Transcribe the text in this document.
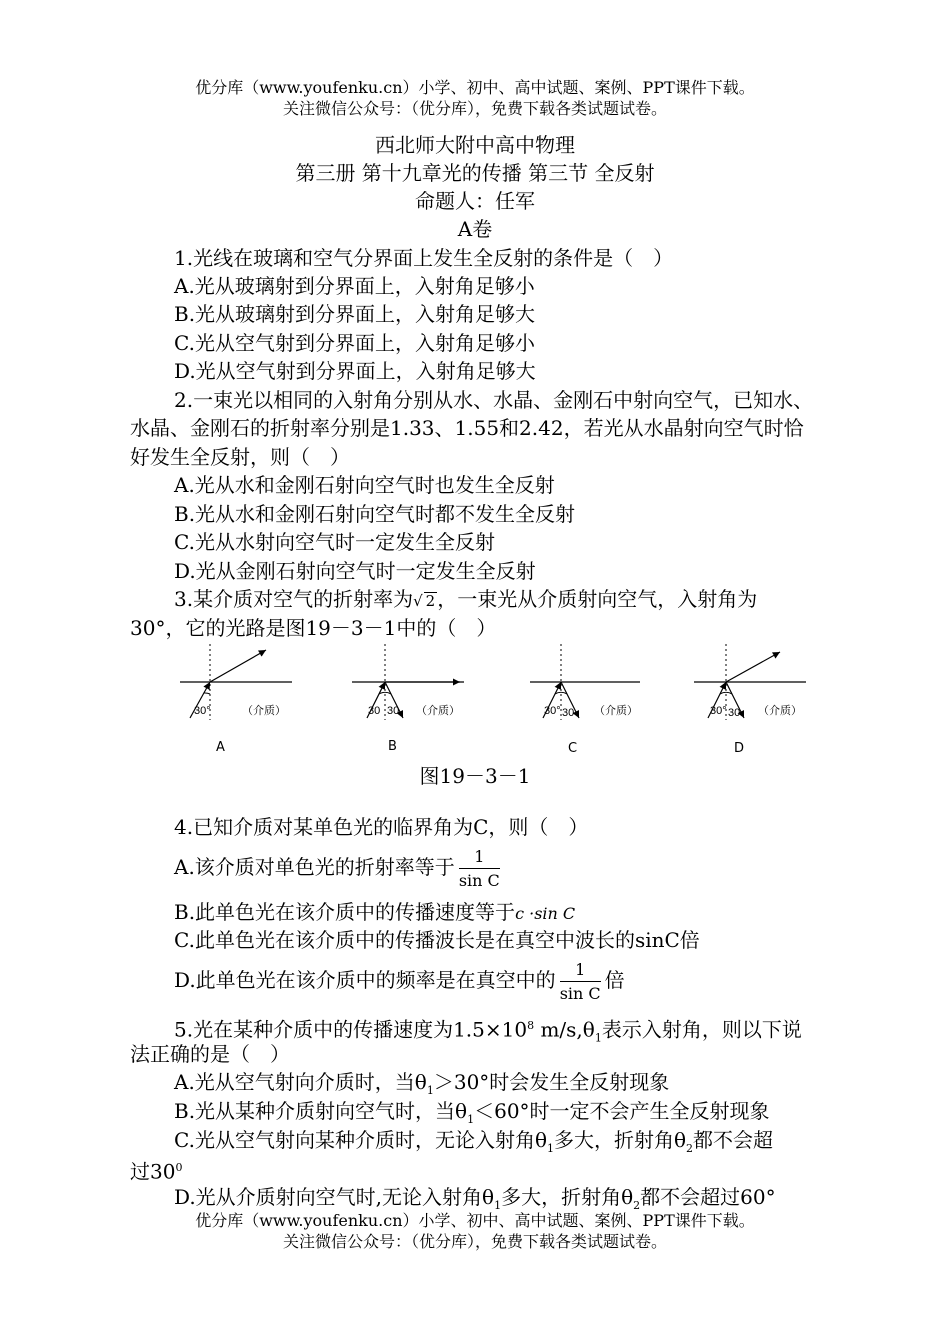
优分库（www.youfenku.cn）小学、初中、高中试题、案例、PPT课件下载。
关注微信公众号：（优分库），免费下载各类试题试卷。
西北师大附中高中物理
第三册 第十九章光的传播 第三节 全反射
命题人：任军
A卷
1.光线在玻璃和空气分界面上发生全反射的条件是（　）
A.光从玻璃射到分界面上，入射角足够小
B.光从玻璃射到分界面上，入射角足够大
C.光从空气射到分界面上，入射角足够小
D.光从空气射到分界面上，入射角足够大
2.一束光以相同的入射角分别从水、水晶、金刚石中射向空气，已知水、
水晶、金刚石的折射率分别是1.33、1.55和2.42，若光从水晶射向空气时恰
好发生全反射，则（　）
A.光从水和金刚石射向空气时也发生全反射
B.光从水和金刚石射向空气时都不发生全反射
C.光从水射向空气时一定发生全反射
D.光从金刚石射向空气时一定发生全反射
3.某介质对空气的折射率为√ 2 ，一束光从介质射向空气，入射角为
30°，它的光路是图19－3－1中的（　）
30°	（介质）	30 30 （介质）	30° 30 （介质）	30° 30 （介质）
A	B	C	D
图19－3－1
4.已知介质对某单色光的临界角为C，则（　）
A.该介质对单色光的折射率等于 $\frac{1}{\text{sin C}}$
B.此单色光在该介质中的传播速度等于c ·sin C
C.此单色光在该介质中的传播波长是在真空中波长的sinC倍
D.此单色光在该介质中的频率是在真空中的 $\frac{1}{\text{sin C}}$ 倍
5.光在某种介质中的传播速度为$1.5\times 10^8$ $m/s,\theta_1$表示入射角，则以下说
法正确的是（　）
A.光从空气射向介质时，当$\theta_1>30^\circ$时会发生全反射现象
B.光从某种介质射向空气时，当$\theta_1<60^\circ$时一定不会产生全反射现象
C.光从空气射向某种介质时，无论入射角$\theta_1$多大，折射角$\theta_2$都不会超
过$30^0$
D.光从介质射向空气时,无论入射角$\theta_1$多大，折射角$\theta_2$都不会超过60°
优分库（www.youfenku.cn）小学、初中、高中试题、案例、PPT课件下载。
关注微信公众号：（优分库），免费下载各类试题试卷。
